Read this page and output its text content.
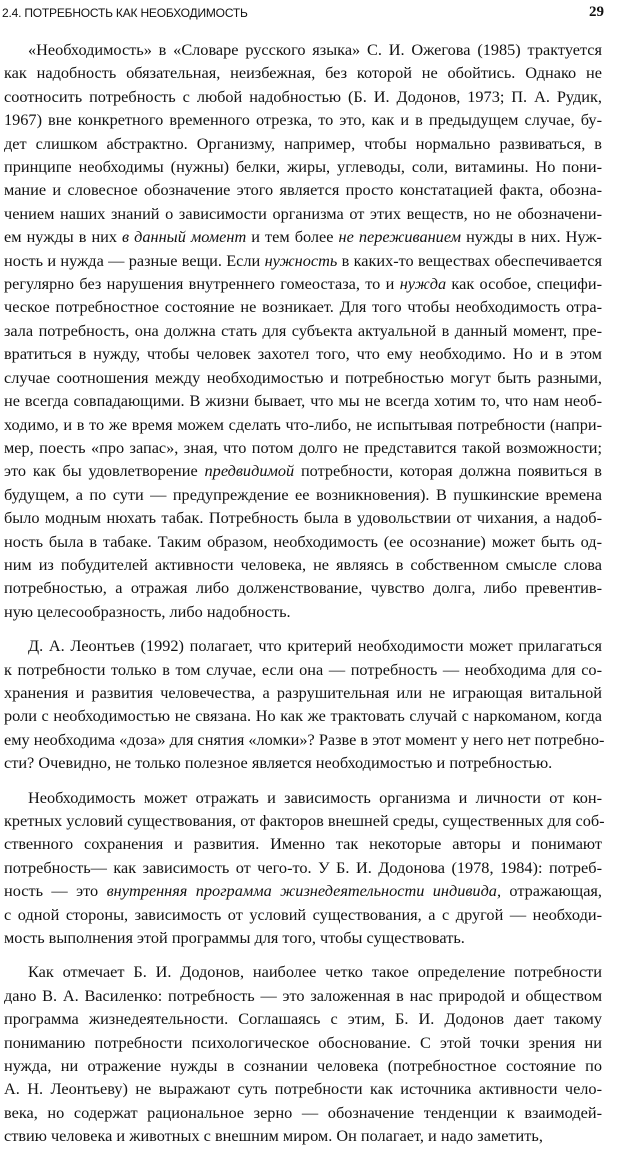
2.4. ПОТРЕБНОСТЬ КАК НЕОБХОДИМОСТЬ	29
«Необходимость» в «Словаре русского языка» С. И. Ожегова (1985) трактуется
как надобность обязательная, неизбежная, без которой не обойтись. Однако не
соотносить потребность с любой надобностью (Б. И. Додонов, 1973; П. А. Рудик,
1967) вне конкретного временного отрезка, то это, как и в предыдущем случае, бу-
дет слишком абстрактно. Организму, например, чтобы нормально развиваться, в
принципе необходимы (нужны) белки, жиры, углеводы, соли, витамины. Но пони-
мание и словесное обозначение этого является просто констатацией факта, обозна-
чением наших знаний о зависимости организма от этих веществ, но не обозначени-
ем нужды в них в данный момент и тем более не переживанием нужды в них. Нуж-
ность и нужда — разные вещи. Если нужность в каких-то веществах обеспечивается
регулярно без нарушения внутреннего гомеостаза, то и нужда как особое, специфи-
ческое потребностное состояние не возникает. Для того чтобы необходимость отра-
зала потребность, она должна стать для субъекта актуальной в данный момент, пре-
вратиться в нужду, чтобы человек захотел того, что ему необходимо. Но и в этом
случае соотношения между необходимостью и потребностью могут быть разными,
не всегда совпадающими. В жизни бывает, что мы не всегда хотим то, что нам необ-
ходимо, и в то же время можем сделать что-либо, не испытывая потребности (напри-
мер, поесть «про запас», зная, что потом долго не представится такой возможности;
это как бы удовлетворение предвидимой потребности, которая должна появиться в
будущем, а по сути — предупреждение ее возникновения). В пушкинские времена
было модным нюхать табак. Потребность была в удовольствии от чихания, а надоб-
ность была в табаке. Таким образом, необходимость (ее осознание) может быть од-
ним из побудителей активности человека, не являясь в собственном смысле слова
потребностью, а отражая либо долженствование, чувство долга, либо превентив-
ную целесообразность, либо надобность.
Д. А. Леонтьев (1992) полагает, что критерий необходимости может прилагаться
к потребности только в том случае, если она — потребность — необходима для со-
хранения и развития человечества, а разрушительная или не играющая витальной
роли с необходимостью не связана. Но как же трактовать случай с наркоманом, когда
ему необходима «доза» для снятия «ломки»? Разве в этот момент у него нет потребно-
сти? Очевидно, не только полезное является необходимостью и потребностью.
Необходимость может отражать и зависимость организма и личности от кон-
кретных условий существования, от факторов внешней среды, существенных для соб-
ственного сохранения и развития. Именно так некоторые авторы и понимают
потребность— как зависимость от чего-то. У Б. И. Додонова (1978, 1984): потреб-
ность — это внутренняя программа жизнедеятельности индивида, отражающая,
с одной стороны, зависимость от условий существования, а с другой — необходи-
мость выполнения этой программы для того, чтобы существовать.
Как отмечает Б. И. Додонов, наиболее четко такое определение потребности
дано В. А. Василенко: потребность — это заложенная в нас природой и обществом
программа жизнедеятельности. Соглашаясь с этим, Б. И. Додонов дает такому
пониманию потребности психологическое обоснование. С этой точки зрения ни
нужда, ни отражение нужды в сознании человека (потребностное состояние по
А. Н. Леонтьеву) не выражают суть потребности как источника активности чело-
века, но содержат рациональное зерно — обозначение тенденции к взаимодей-
ствию человека и животных с внешним миром. Он полагает, и надо заметить,
